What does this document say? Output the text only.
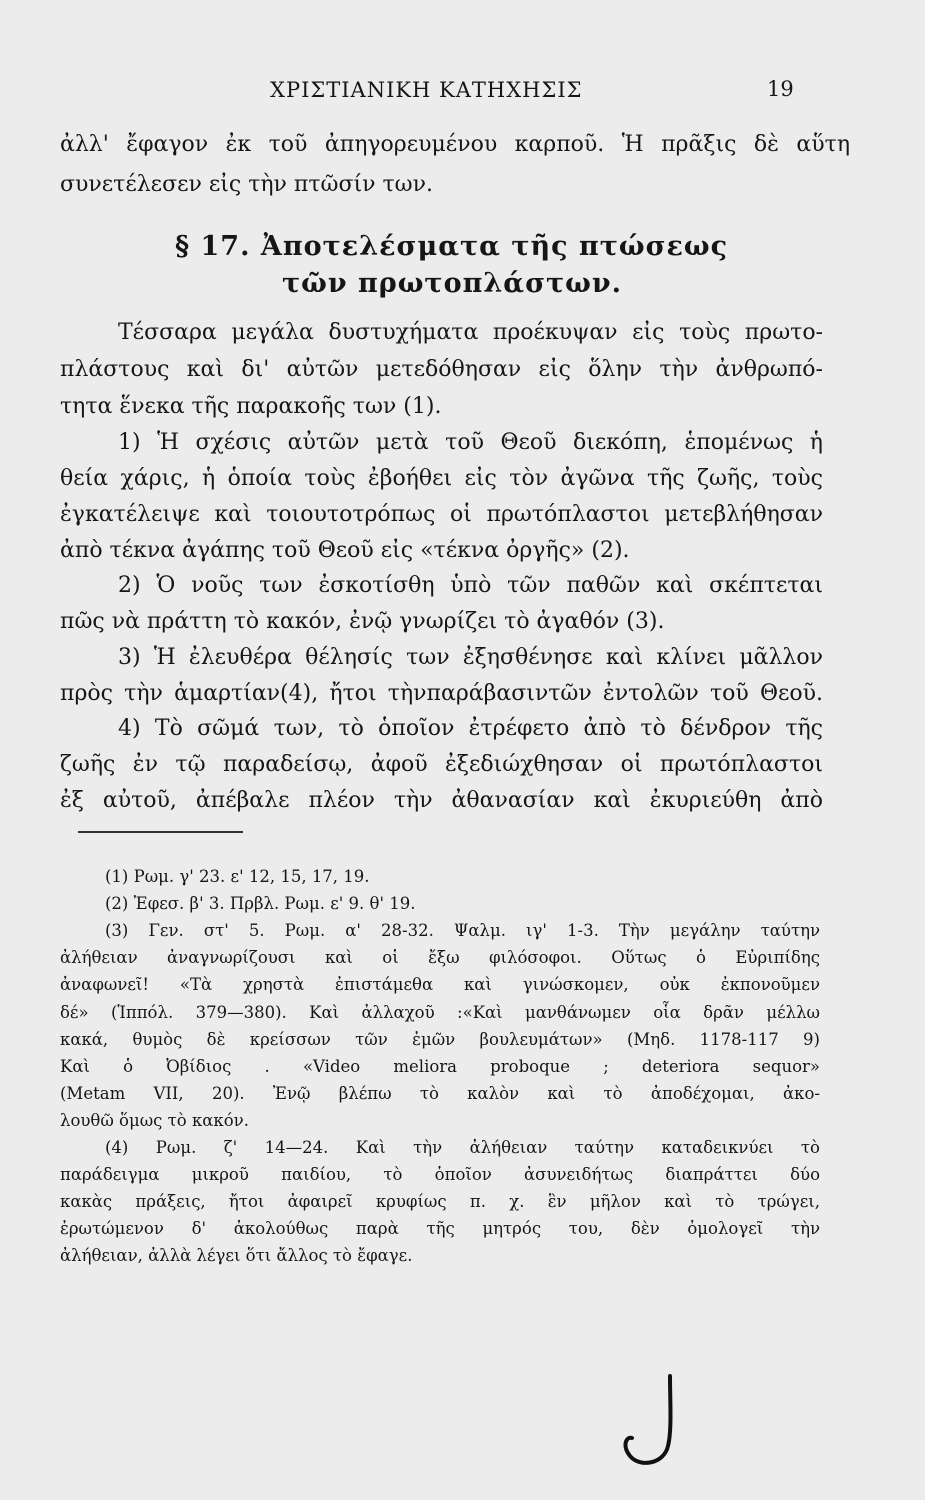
ΧΡΙΣΤΙΑΝΙΚΗ ΚΑΤΗΧΗΣΙΣ	19
ἀλλ' ἔφαγον ἐκ τοῦ ἀπηγορευμένου καρποῦ. Ἡ πρᾶξις δὲ αὕτη
συνετέλεσεν εἰς τὴν πτῶσίν των.
§ 17. Ἀποτελέσματα τῆς πτώσεως
τῶν πρωτοπλάστων.
Τέσσαρα μεγάλα δυστυχήματα προέκυψαν εἰς τοὺς πρωτο-
πλάστους καὶ δι' αὐτῶν μετεδόθησαν εἰς ὅλην τὴν ἀνθρωπό-
τητα ἕνεκα τῆς παρακοῆς των (1).
1) Ἡ σχέσις αὐτῶν μετὰ τοῦ Θεοῦ διεκόπη, ἑπομένως ἡ
θεία χάρις, ἡ ὁποία τοὺς ἐβοήθει εἰς τὸν ἀγῶνα τῆς ζωῆς, τοὺς
ἐγκατέλειψε καὶ τοιουτοτρόπως οἱ πρωτόπλαστοι μετεβλήθησαν
ἀπὸ τέκνα ἀγάπης τοῦ Θεοῦ εἰς «τέκνα ὀργῆς» (2).
2) Ὁ νοῦς των ἐσκοτίσθη ὑπὸ τῶν παθῶν καὶ σκέπτεται
πῶς νὰ πράττη τὸ κακόν, ἐνῷ γνωρίζει τὸ ἀγαθόν (3).
3) Ἡ ἐλευθέρα θέλησίς των ἐξησθένησε καὶ κλίνει μᾶλλον
πρὸς τὴν ἁμαρτίαν(4), ἤτοι τὴνπαράβασιντῶν ἐντολῶν τοῦ Θεοῦ.
4) Τὸ σῶμά των, τὸ ὁποῖον ἐτρέφετο ἀπὸ τὸ δένδρον τῆς
ζωῆς ἐν τῷ παραδείσῳ, ἀφοῦ ἐξεδιώχθησαν οἱ πρωτόπλαστοι
ἐξ αὐτοῦ, ἀπέβαλε πλέον τὴν ἀθανασίαν καὶ ἐκυριεύθη ἀπὸ
(1) Ρωμ. γ' 23. ε' 12, 15, 17, 19.
(2) Ἐφεσ. β' 3. Πρβλ. Ρωμ. ε' 9. θ' 19.
(3) Γεν. στ' 5. Ρωμ. α' 28-32. Ψαλμ. ιγ' 1-3. Τὴν μεγάλην ταύτην
ἀλήθειαν ἀναγνωρίζουσι καὶ οἱ ἔξω φιλόσοφοι. Οὕτως ὁ Εὐριπίδης
ἀναφωνεῖ! «Τὰ χρηστὰ ἐπιστάμεθα καὶ γινώσκομεν, οὐκ ἐκπονοῦμεν
δέ» (Ἱππόλ. 379—380). Καὶ ἀλλαχοῦ :«Καὶ μανθάνωμεν οἷα δρᾶν μέλλω
κακά, θυμὸς δὲ κρείσσων τῶν ἐμῶν βουλευμάτων» (Μηδ. 1178-117 9)
Καὶ ὁ Ὀβίδιος . «Video meliora proboque ; deteriora sequor»
(Metam VII, 20). Ἐνῷ βλέπω τὸ καλὸν καὶ τὸ ἀποδέχομαι, ἀκο-
λουθῶ ὅμως τὸ κακόν.
(4) Ρωμ. ζ' 14—24. Καὶ τὴν ἀλήθειαν ταύτην καταδεικνύει τὸ
παράδειγμα μικροῦ παιδίου, τὸ ὁποῖον ἀσυνειδήτως διαπράττει δύο
κακὰς πράξεις, ἤτοι ἀφαιρεῖ κρυφίως π. χ. ἓν μῆλον καὶ τὸ τρώγει,
ἐρωτώμενον δ' ἀκολούθως παρὰ τῆς μητρός του, δὲν ὁμολογεῖ τὴν
ἀλήθειαν, ἀλλὰ λέγει ὅτι ἄλλος τὸ ἔφαγε.
